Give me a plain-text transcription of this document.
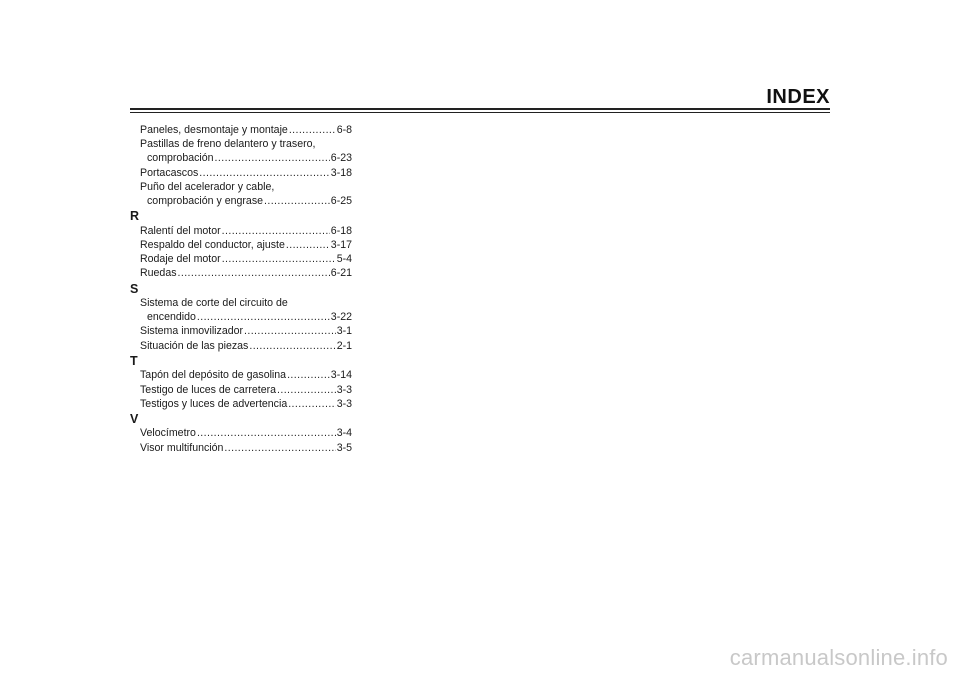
INDEX
Paneles, desmontaje y montaje .....	6-8
Pastillas de freno delantero y trasero,
comprobación .....	6-23
Portacascos .....	3-18
Puño del acelerador y cable,
comprobación y engrase .....	6-25
R
Ralentí del motor .....	6-18
Respaldo del conductor, ajuste .....	3-17
Rodaje del motor .....	5-4
Ruedas .....	6-21
S
Sistema de corte del circuito de
encendido .....	3-22
Sistema inmovilizador .....	3-1
Situación de las piezas .....	2-1
T
Tapón del depósito de gasolina .....	3-14
Testigo de luces de carretera .....	3-3
Testigos y luces de advertencia .....	3-3
V
Velocímetro .....	3-4
Visor multifunción .....	3-5
carmanualsonline.info
